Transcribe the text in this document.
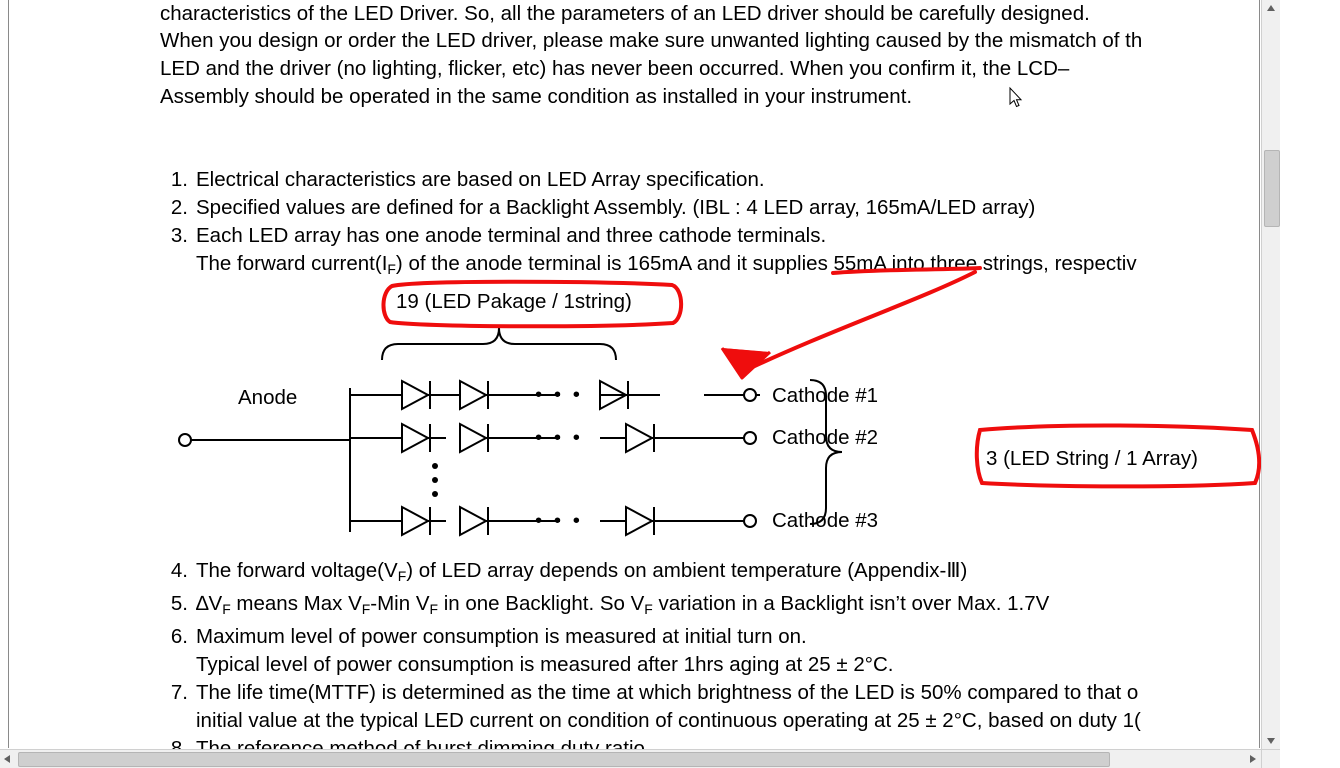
characteristics of the LED Driver. So, all the parameters of an LED driver should be carefully designed.
When you design or order the LED driver, please make sure unwanted lighting caused by the mismatch of th
LED and the driver (no lighting, flicker, etc) has never been occurred. When you confirm it, the LCD–
Assembly should be operated in the same condition as installed in your instrument.
1. Electrical characteristics are based on LED Array specification.
2. Specified values are defined for a Backlight Assembly. (IBL : 4 LED array, 165mA/LED array)
3. Each LED array has one anode terminal and three cathode terminals.
The forward $current(I_F)$ of the anode terminal is 165mA and it supplies 55mA into three strings, respectiv
Anode	• • •
• • •
• • •
Cathode #1
Cathode #2
Cathode #3
4. The forward $voltage(V_F)$ of LED array depends on ambient temperature (Appendix-Ⅲ)
5. $\Delta V_F$ means Max $V_F$-Min $V_F$ in one Backlight. So $V_F$ variation in a Backlight isn’t over Max. 1.7V
6. Maximum level of power consumption is measured at initial turn on.
Typical level of power consumption is measured after 1hrs aging at 25 ± 2°C.
7. The life time(MTTF) is determined as the time at which brightness of the LED is 50% compared to that o
initial value at the typical LED current on condition of continuous operating at 25 ± 2°C, based on duty 1(
19 (LED Pakage / 1string)
3 (LED String / 1 Array)
